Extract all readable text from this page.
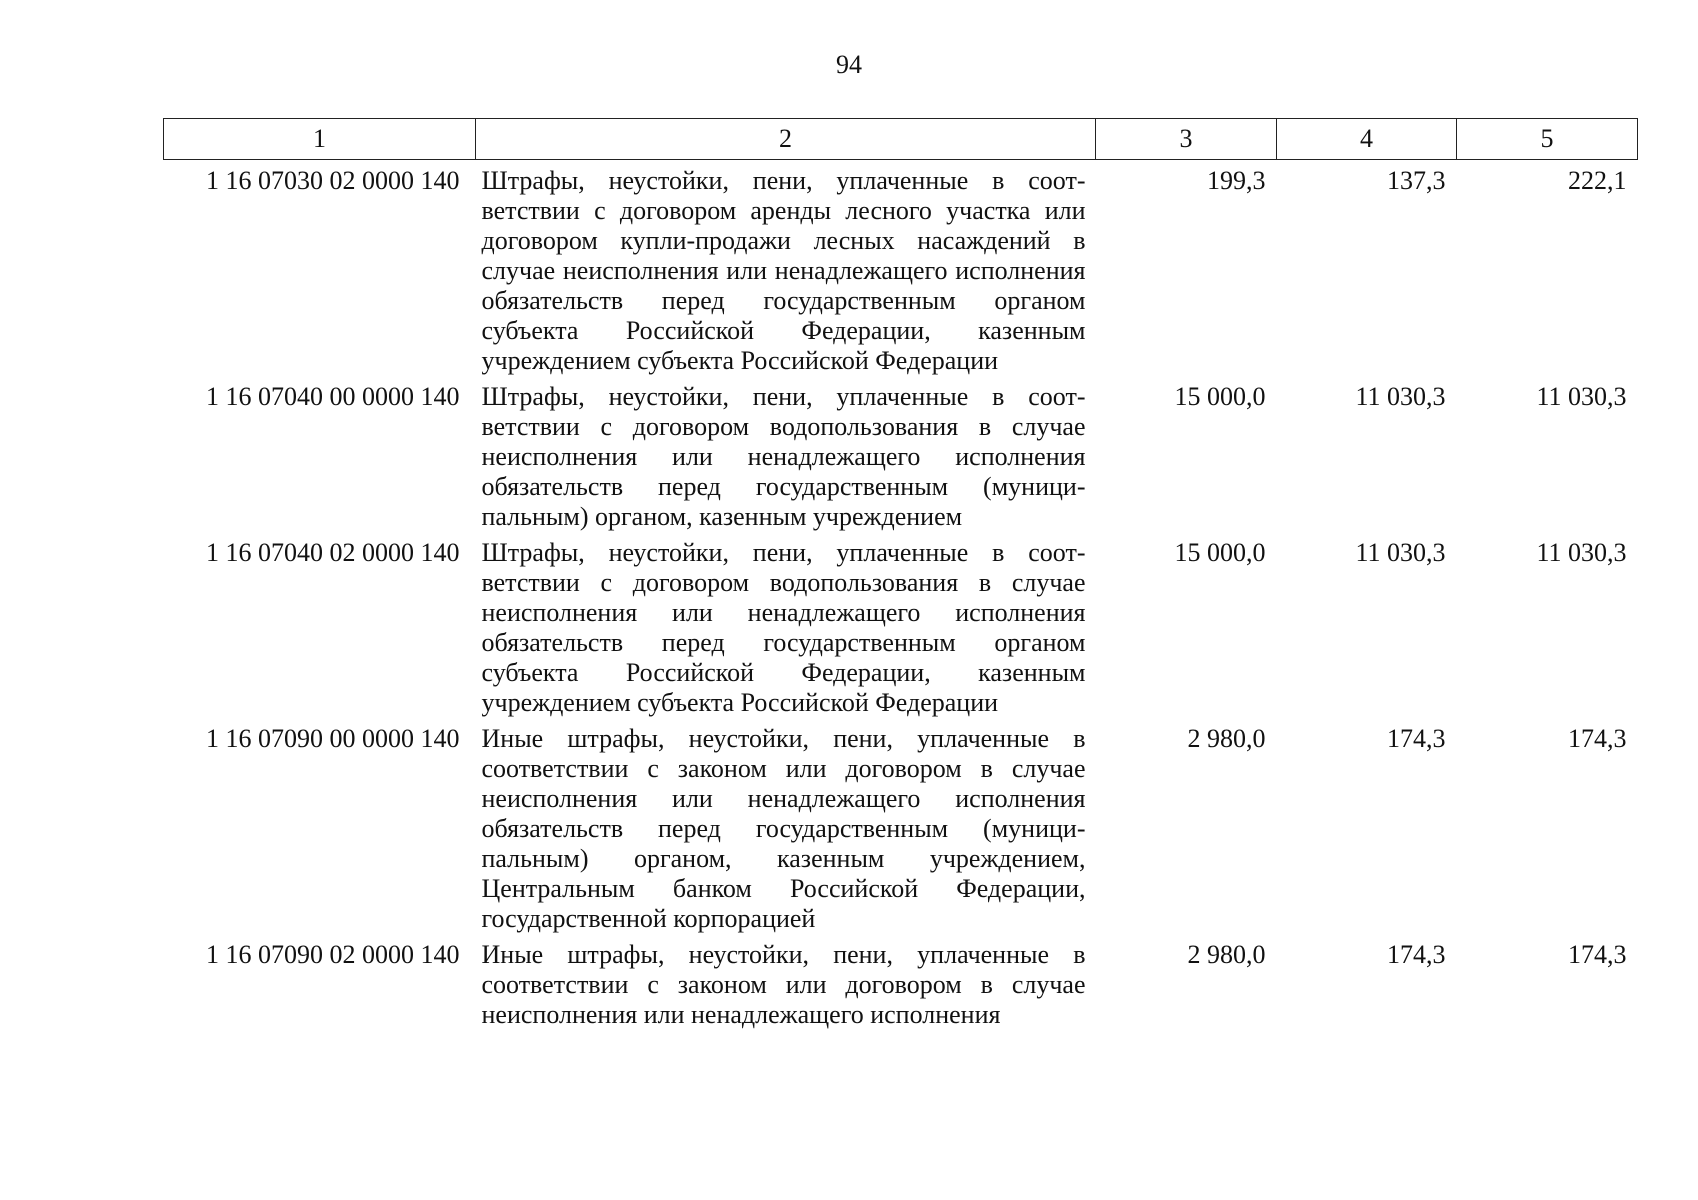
94
1	2	3	4	5
1 16 07030 02 0000 140	Штрафы, неустойки, пени, уплаченные в соответствии с договором аренды лесного участка или договором купли-продажи лесных насаждений в случае неисполнения или ненадлежащего исполнения обязательств перед государственным органом субъекта Российской Федерации, казенным учреждением субъекта Российской Федерации	199,3	137,3	222,1
1 16 07040 00 0000 140	Штрафы, неустойки, пени, уплаченные в соответствии с договором водопользования в случае неисполнения или ненадлежащего исполнения обязательств перед государственным (муниципальным) органом, казенным учреждением	15 000,0	11 030,3	11 030,3
1 16 07040 02 0000 140	Штрафы, неустойки, пени, уплаченные в соответствии с договором водопользования в случае неисполнения или ненадлежащего исполнения обязательств перед государственным органом субъекта Российской Федерации, казенным учреждением субъекта Российской Федерации	15 000,0	11 030,3	11 030,3
1 16 07090 00 0000 140	Иные штрафы, неустойки, пени, уплаченные в соответствии с законом или договором в случае неисполнения или ненадлежащего исполнения обязательств перед государственным (муниципальным) органом, казенным учреждением, Центральным банком Российской Федерации, государственной корпорацией	2 980,0	174,3	174,3
1 16 07090 02 0000 140	Иные штрафы, неустойки, пени, уплаченные в соответствии с законом или договором в случае неисполнения или ненадлежащего исполнения	2 980,0	174,3	174,3
